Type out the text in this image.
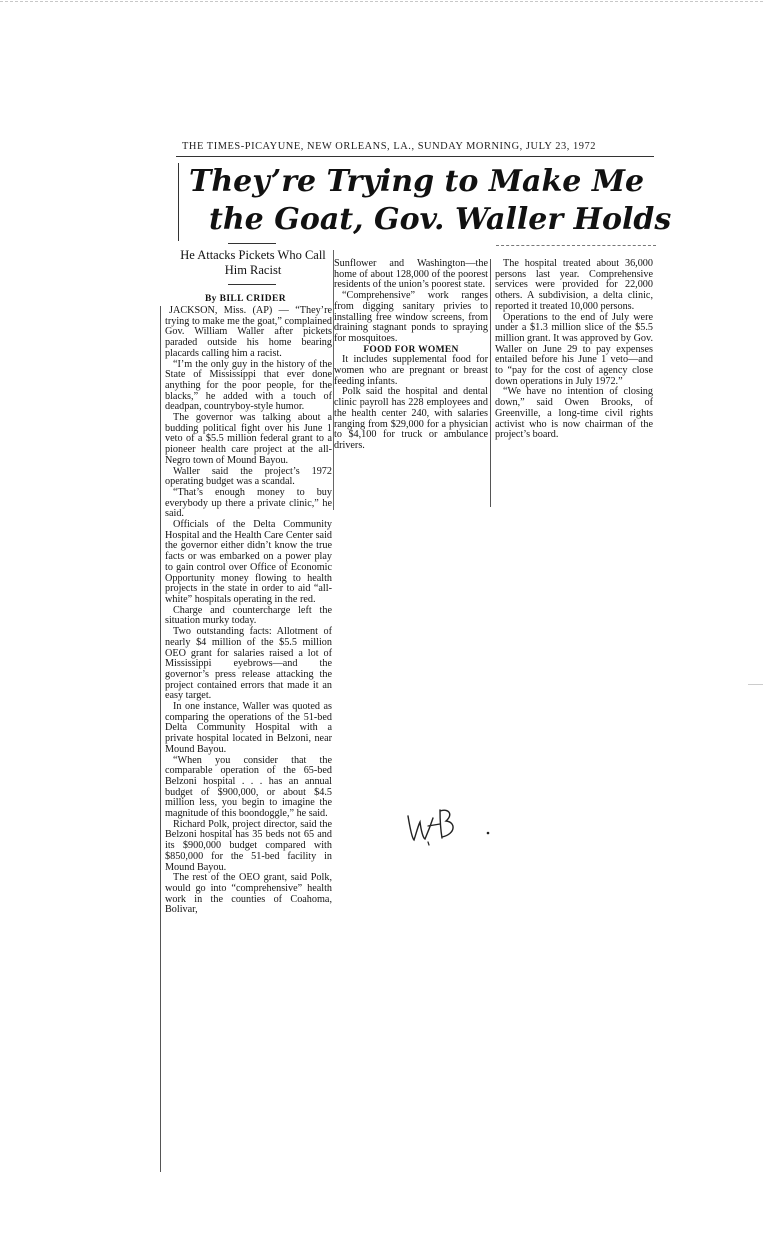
THE TIMES-PICAYUNE, NEW ORLEANS, LA., SUNDAY MORNING, JULY 23, 1972
They’re Trying to Make Me
the Goat, Gov. Waller Holds
He Attacks Pickets Who Call Him Racist
By BILL CRIDER

JACKSON, Miss. (AP) — “They’re trying to make me the goat,” complained Gov. William Waller after pickets paraded outside his home bearing placards calling him a racist.

“I’m the only guy in the history of the State of Mississippi that ever done anything for the poor people, for the blacks,” he added with a touch of deadpan, countryboy-style humor.

The governor was talking about a budding political fight over his June 1 veto of a $5.5 million federal grant to a pioneer health care project at the all-Negro town of Mound Bayou.

Waller said the project’s 1972 operating budget was a scandal.

“That’s enough money to buy everybody up there a private clinic,” he said.

Officials of the Delta Community Hospital and the Health Care Center said the governor either didn’t know the true facts or was embarked on a power play to gain control over Office of Economic Opportunity money flowing to health projects in the state in order to aid “all-white” hospitals operating in the red.

Charge and countercharge left the situation murky today.

Two outstanding facts: Allotment of nearly $4 million of the $5.5 million OEO grant for salaries raised a lot of Mississippi eyebrows—and the governor’s press release attacking the project contained errors that made it an easy target.

In one instance, Waller was quoted as comparing the operations of the 51-bed Delta Community Hospital with a private hospital located in Belzoni, near Mound Bayou.

“When you consider that the comparable operation of the 65-bed Belzoni hospital . . . has an annual budget of $900,000, or about $4.5 million less, you begin to imagine the magnitude of this boondoggle,” he said.

Richard Polk, project director, said the Belzoni hospital has 35 beds not 65 and its $900,000 budget compared with $850,000 for the 51-bed facility in Mound Bayou.

The rest of the OEO grant, said Polk, would go into “comprehensive” health work in the counties of Coahoma, Bolivar,

Sunflower and Washington—the home of about 128,000 of the poorest residents of the union’s poorest state.

“Comprehensive” work ranges from digging sanitary privies to installing free window screens, from draining stagnant ponds to spraying for mosquitoes.

FOOD FOR WOMEN

It includes supplemental food for women who are pregnant or breast feeding infants.

Polk said the hospital and dental clinic payroll has 228 employees and the health center 240, with salaries ranging from $29,000 for a physician to $4,100 for truck or ambulance drivers.

The hospital treated about 36,000 persons last year. Comprehensive services were provided for 22,000 others. A subdivision, a delta clinic, reported it treated 10,000 persons.

Operations to the end of July were under a $1.3 million slice of the $5.5 million grant. It was approved by Gov. Waller on June 29 to pay expenses entailed before his June 1 veto—and to “pay for the cost of agency close down operations in July 1972.”

“We have no intention of closing down,” said Owen Brooks, of Greenville, a long-time civil rights activist who is now chairman of the project’s board.
